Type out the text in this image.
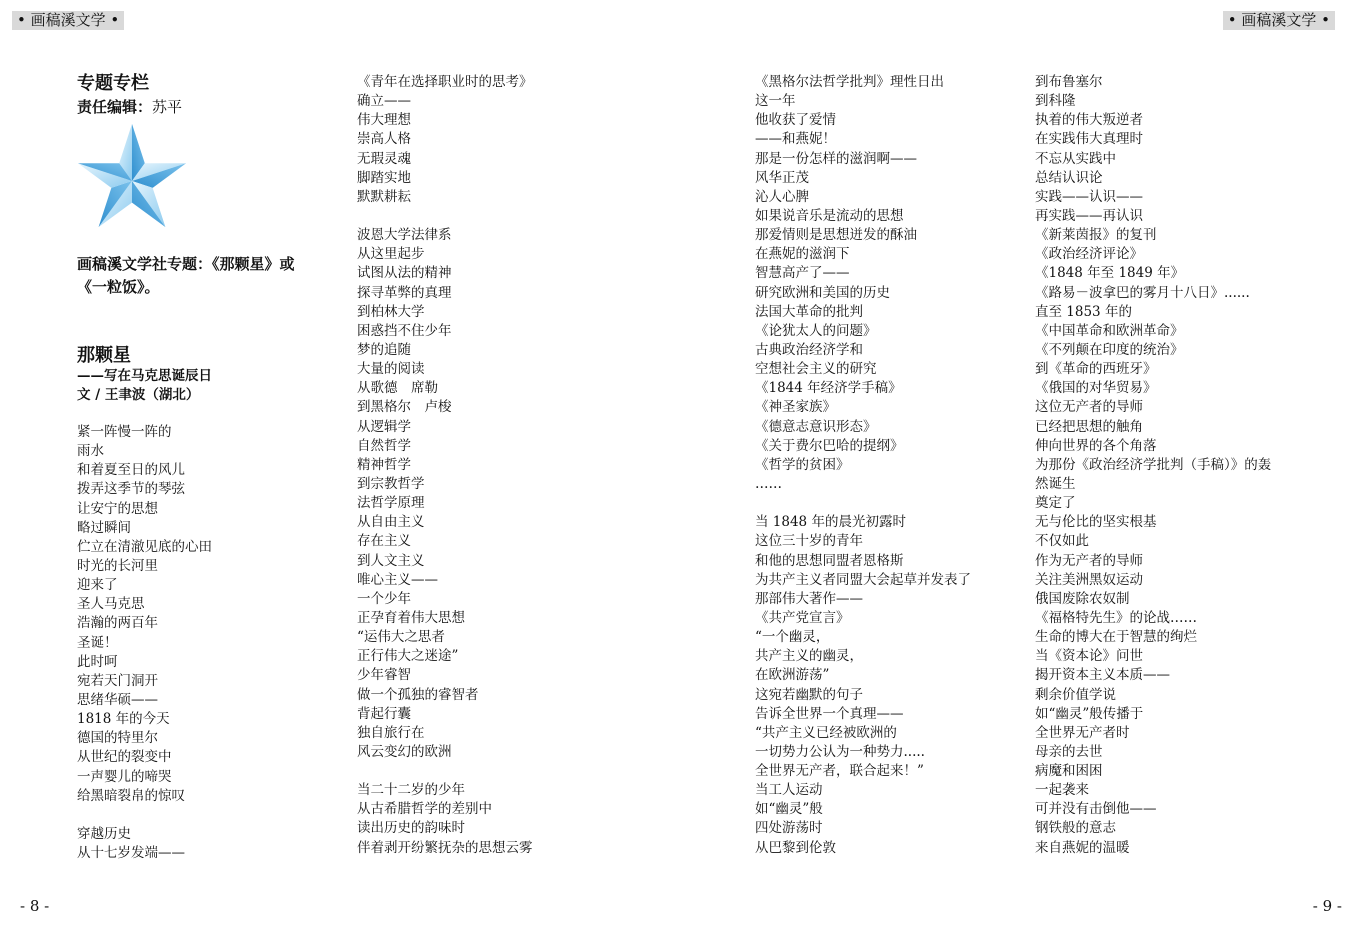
• 画稿溪文学 •	• 画稿溪文学 •
专题专栏
责任编辑：苏平
画稿溪文学社专题：《那颗星》或
《一粒饭》。
那颗星
——写在马克思诞辰日
文 / 王聿波（湖北）
紧一阵慢一阵的
雨水
和着夏至日的风儿
拨弄这季节的琴弦
让安宁的思想
略过瞬间
伫立在清澈见底的心田
时光的长河里
迎来了
圣人马克思
浩瀚的两百年
圣诞！
此时呵
宛若天门洞开
思绪华硕——
1818 年的今天
德国的特里尔
从世纪的裂变中
一声婴儿的啼哭
给黑暗裂帛的惊叹
穿越历史
从十七岁发端——
《青年在选择职业时的思考》
确立——
伟大理想
崇高人格
无瑕灵魂
脚踏实地
默默耕耘
波恩大学法律系
从这里起步
试图从法的精神
探寻革弊的真理
到柏林大学
困惑挡不住少年
梦的追随
大量的阅读
从歌德　席勒
到黑格尔　卢梭
从逻辑学
自然哲学
精神哲学
到宗教哲学
法哲学原理
从自由主义
存在主义
到人文主义
唯心主义——
一个少年
正孕育着伟大思想
“运伟大之思者
正行伟大之迷途”
少年睿智
做一个孤独的睿智者
背起行囊
独自旅行在
风云变幻的欧洲
当二十二岁的少年
从古希腊哲学的差别中
读出历史的韵味时
伴着剥开纷繁抚杂的思想云雾
《黑格尔法哲学批判》理性日出
这一年
他收获了爱情
——和燕妮！
那是一份怎样的滋润啊——
风华正茂
沁人心脾
如果说音乐是流动的思想
那爱情则是思想迸发的酥油
在燕妮的滋润下
智慧高产了——
研究欧洲和美国的历史
法国大革命的批判
《论犹太人的问题》
古典政治经济学和
空想社会主义的研究
《1844 年经济学手稿》
《神圣家族》
《德意志意识形态》
《关于费尔巴哈的提纲》
《哲学的贫困》
……
当 1848 年的晨光初露时
这位三十岁的青年
和他的思想同盟者恩格斯
为共产主义者同盟大会起草并发表了
那部伟大著作——
《共产党宣言》
“一个幽灵，
共产主义的幽灵，
在欧洲游荡”
这宛若幽默的句子
告诉全世界一个真理——
“共产主义已经被欧洲的
一切势力公认为一种势力.....
全世界无产者，联合起来！”
当工人运动
如“幽灵”般
四处游荡时
从巴黎到伦敦
到布鲁塞尔
到科隆
执着的伟大叛逆者
在实践伟大真理时
不忘从实践中
总结认识论
实践——认识——
再实践——再认识
《新莱茵报》的复刊
《政治经济评论》
《1848 年至 1849 年》
《路易－波拿巴的雾月十八日》......
直至 1853 年的
《中国革命和欧洲革命》
《不列颠在印度的统治》
到《革命的西班牙》
《俄国的对华贸易》
这位无产者的导师
已经把思想的触角
伸向世界的各个角落
为那份《政治经济学批判（手稿）》的轰
然诞生
奠定了
无与伦比的坚实根基
不仅如此
作为无产者的导师
关注美洲黑奴运动
俄国废除农奴制
《福格特先生》的论战……
生命的博大在于智慧的绚烂
当《资本论》问世
揭开资本主义本质——
剩余价值学说
如“幽灵”般传播于
全世界无产者时
母亲的去世
病魔和困困
一起袭来
可并没有击倒他——
钢铁般的意志
来自燕妮的温暖
- 8 -	- 9 -
